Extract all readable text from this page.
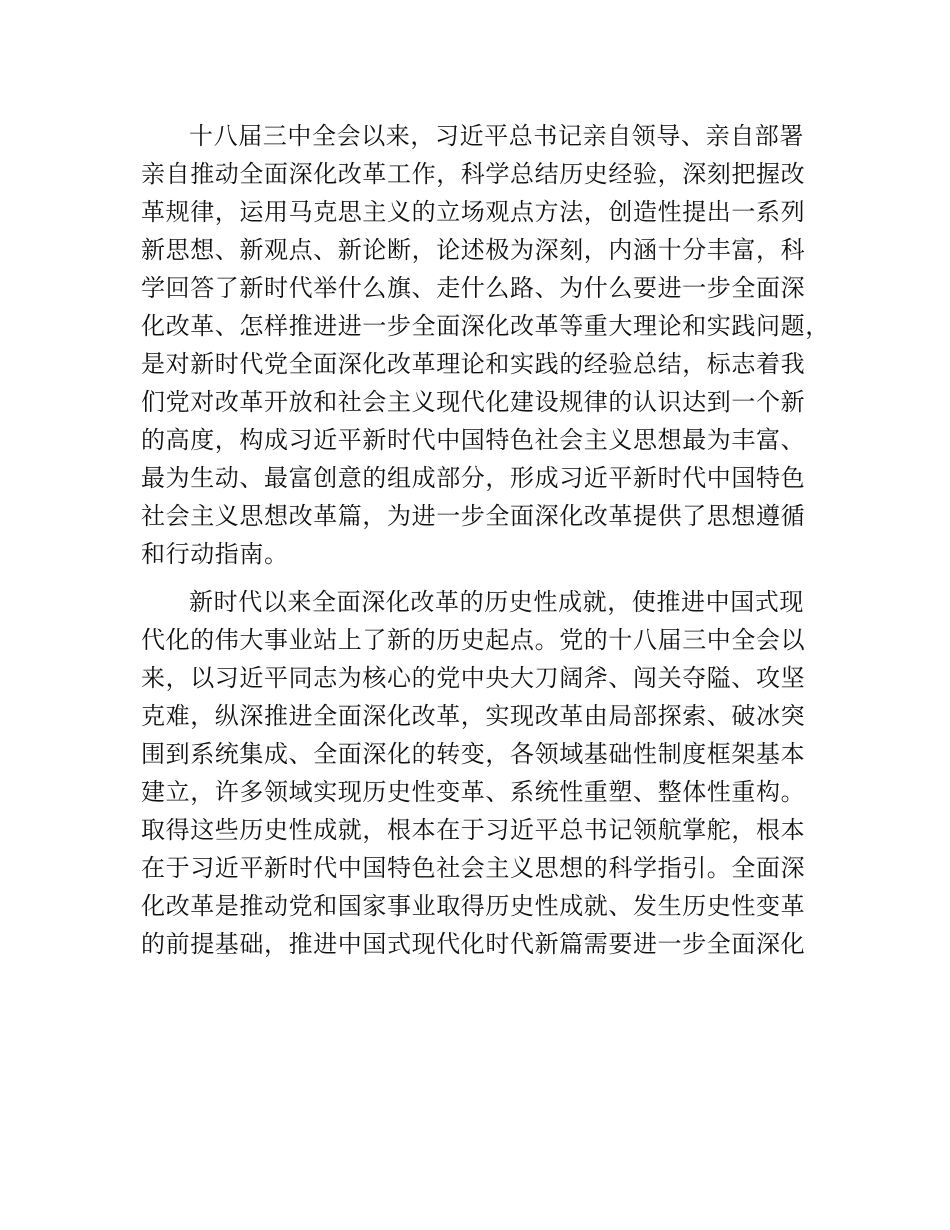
十八届三中全会以来，习近平总书记亲自领导、亲自部署
亲自推动全面深化改革工作，科学总结历史经验，深刻把握改
革规律，运用马克思主义的立场观点方法，创造性提出一系列
新思想、新观点、新论断，论述极为深刻，内涵十分丰富，科
学回答了新时代举什么旗、走什么路、为什么要进一步全面深
化改革、怎样推进进一步全面深化改革等重大理论和实践问题，
是对新时代党全面深化改革理论和实践的经验总结，标志着我
们党对改革开放和社会主义现代化建设规律的认识达到一个新
的高度，构成习近平新时代中国特色社会主义思想最为丰富、
最为生动、最富创意的组成部分，形成习近平新时代中国特色
社会主义思想改革篇，为进一步全面深化改革提供了思想遵循
和行动指南。
新时代以来全面深化改革的历史性成就，使推进中国式现
代化的伟大事业站上了新的历史起点。党的十八届三中全会以
来，以习近平同志为核心的党中央大刀阔斧、闯关夺隘、攻坚
克难，纵深推进全面深化改革，实现改革由局部探索、破冰突
围到系统集成、全面深化的转变，各领域基础性制度框架基本
建立，许多领域实现历史性变革、系统性重塑、整体性重构。
取得这些历史性成就，根本在于习近平总书记领航掌舵，根本
在于习近平新时代中国特色社会主义思想的科学指引。全面深
化改革是推动党和国家事业取得历史性成就、发生历史性变革
的前提基础，推进中国式现代化时代新篇需要进一步全面深化
